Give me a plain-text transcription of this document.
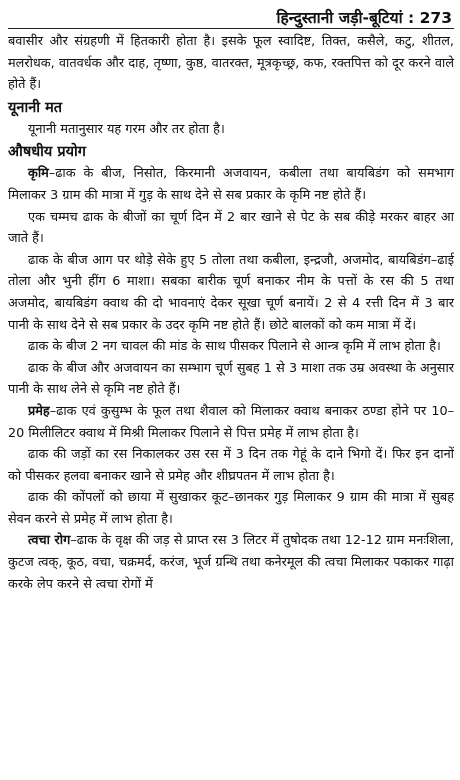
हिन्दुस्तानी जड़ी-बूटियां : 273

बवासीर और संग्रहणी में हितकारी होता है। इसके फूल स्वादिष्ट, तिक्त, कसैले, कटु, शीतल, मलरोधक, वातवर्धक और दाह, तृष्णा, कुष्ठ, वातरक्त, मूत्रकृच्छ्र, कफ, रक्तपित्त को दूर करने वाले होते हैं।

यूनानी मत

यूनानी मतानुसार यह गरम और तर होता है।

औषधीय प्रयोग

कृमि–ढाक के बीज, निसोत, किरमानी अजवायन, कबीला तथा बायबिडंग को समभाग मिलाकर 3 ग्राम की मात्रा में गुड़ के साथ देने से सब प्रकार के कृमि नष्ट होते हैं।

एक चम्मच ढाक के बीजों का चूर्ण दिन में 2 बार खाने से पेट के सब कीड़े मरकर बाहर आ जाते हैं।

ढाक के बीज आग पर थोड़े सेके हुए 5 तोला तथा कबीला, इन्द्रजौ, अजमोद, बायबिडंग–ढाई तोला और भुनी हींग 6 माशा। सबका बारीक चूर्ण बनाकर नीम के पत्तों के रस की 5 तथा अजमोद, बायबिडंग क्वाथ की दो भावनाएं देकर सूखा चूर्ण बनायें। 2 से 4 रत्ती दिन में 3 बार पानी के साथ देने से सब प्रकार के उदर कृमि नष्ट होते हैं। छोटे बालकों को कम मात्रा में दें।

ढाक के बीज 2 नग चावल की मांड के साथ पीसकर पिलाने से आन्त्र कृमि में लाभ होता है।

ढाक के बीज और अजवायन का सम्भाग चूर्ण सुबह 1 से 3 माशा तक उम्र अवस्था के अनुसार पानी के साथ लेने से कृमि नष्ट होते हैं।

प्रमेह–ढाक एवं कुसुम्भ के फूल तथा शैवाल को मिलाकर क्वाथ बनाकर ठण्डा होने पर 10–20 मिलीलिटर क्वाथ में मिश्री मिलाकर पिलाने से पित्त प्रमेह में लाभ होता है।

ढाक की जड़ों का रस निकालकर उस रस में 3 दिन तक गेहूं के दाने भिगो दें। फिर इन दानों को पीसकर हलवा बनाकर खाने से प्रमेह और शीघ्रपतन में लाभ होता है।

ढाक की कोंपलों को छाया में सुखाकर कूट–छानकर गुड़ मिलाकर 9 ग्राम की मात्रा में सुबह सेवन करने से प्रमेह में लाभ होता है।

त्वचा रोग–ढाक के वृक्ष की जड़ से प्राप्त रस 3 लिटर में तुषोदक तथा 12-12 ग्राम मनःशिला, कुटज त्वक्, कूठ, वचा, चक्रमर्द, करंज, भूर्ज ग्रन्थि तथा कनेरमूल की त्वचा मिलाकर पकाकर गाढ़ा करके लेप करने से त्वचा रोगों में
